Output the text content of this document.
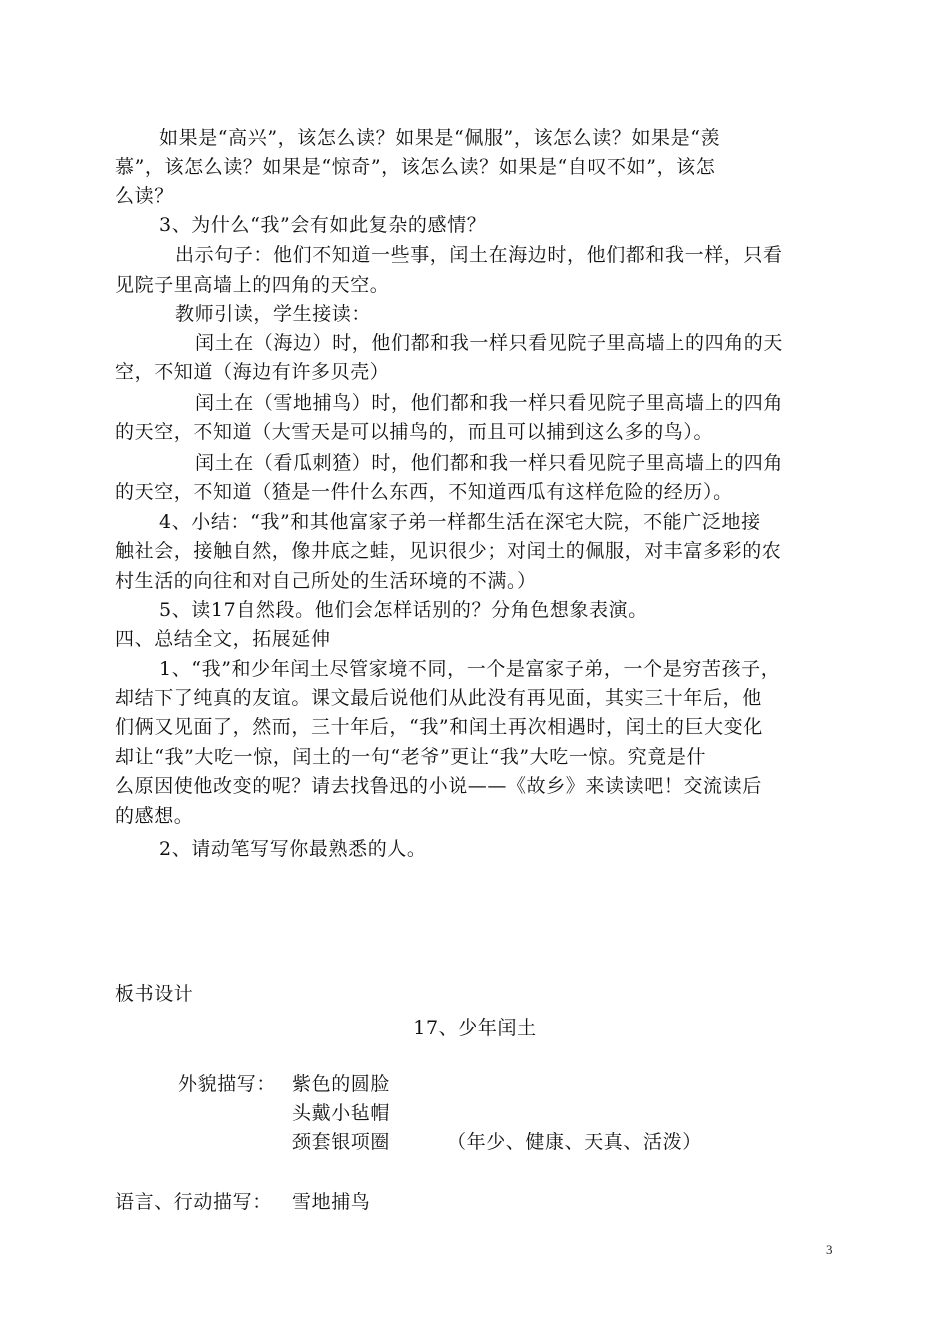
如果是“高兴”，该怎么读？如果是“佩服”，该怎么读？如果是“羡
慕”，该怎么读？如果是“惊奇”，该怎么读？如果是“自叹不如”，该怎
么读？
3、为什么“我”会有如此复杂的感情？
出示句子：他们不知道一些事，闰土在海边时，他们都和我一样，只看
见院子里高墙上的四角的天空。
教师引读，学生接读：
闰土在（海边）时，他们都和我一样只看见院子里高墙上的四角的天
空，不知道（海边有许多贝壳）
闰土在（雪地捕鸟）时，他们都和我一样只看见院子里高墙上的四角
的天空，不知道（大雪天是可以捕鸟的，而且可以捕到这么多的鸟）。
闰土在（看瓜刺猹）时，他们都和我一样只看见院子里高墙上的四角
的天空，不知道（猹是一件什么东西，不知道西瓜有这样危险的经历）。
4、小结：“我”和其他富家子弟一样都生活在深宅大院，不能广泛地接
触社会，接触自然，像井底之蛙，见识很少；对闰土的佩服，对丰富多彩的农
村生活的向往和对自己所处的生活环境的不满。）
5、读17自然段。他们会怎样话别的？分角色想象表演。
四、总结全文，拓展延伸
1、“我”和少年闰土尽管家境不同，一个是富家子弟，一个是穷苦孩子，
却结下了纯真的友谊。课文最后说他们从此没有再见面，其实三十年后，他
们俩又见面了，然而，三十年后，“我”和闰土再次相遇时，闰土的巨大变化
却让“我”大吃一惊，闰土的一句“老爷”更让“我”大吃一惊。究竟是什
么原因使他改变的呢？请去找鲁迅的小说——《故乡》来读读吧！交流读后
的感想。
2、请动笔写写你最熟悉的人。
板书设计
17、少年闰土
外貌描写： 紫色的圆脸
头戴小毡帽
颈套银项圈	（年少、健康、天真、活泼）
语言、行动描写： 雪地捕鸟
3
